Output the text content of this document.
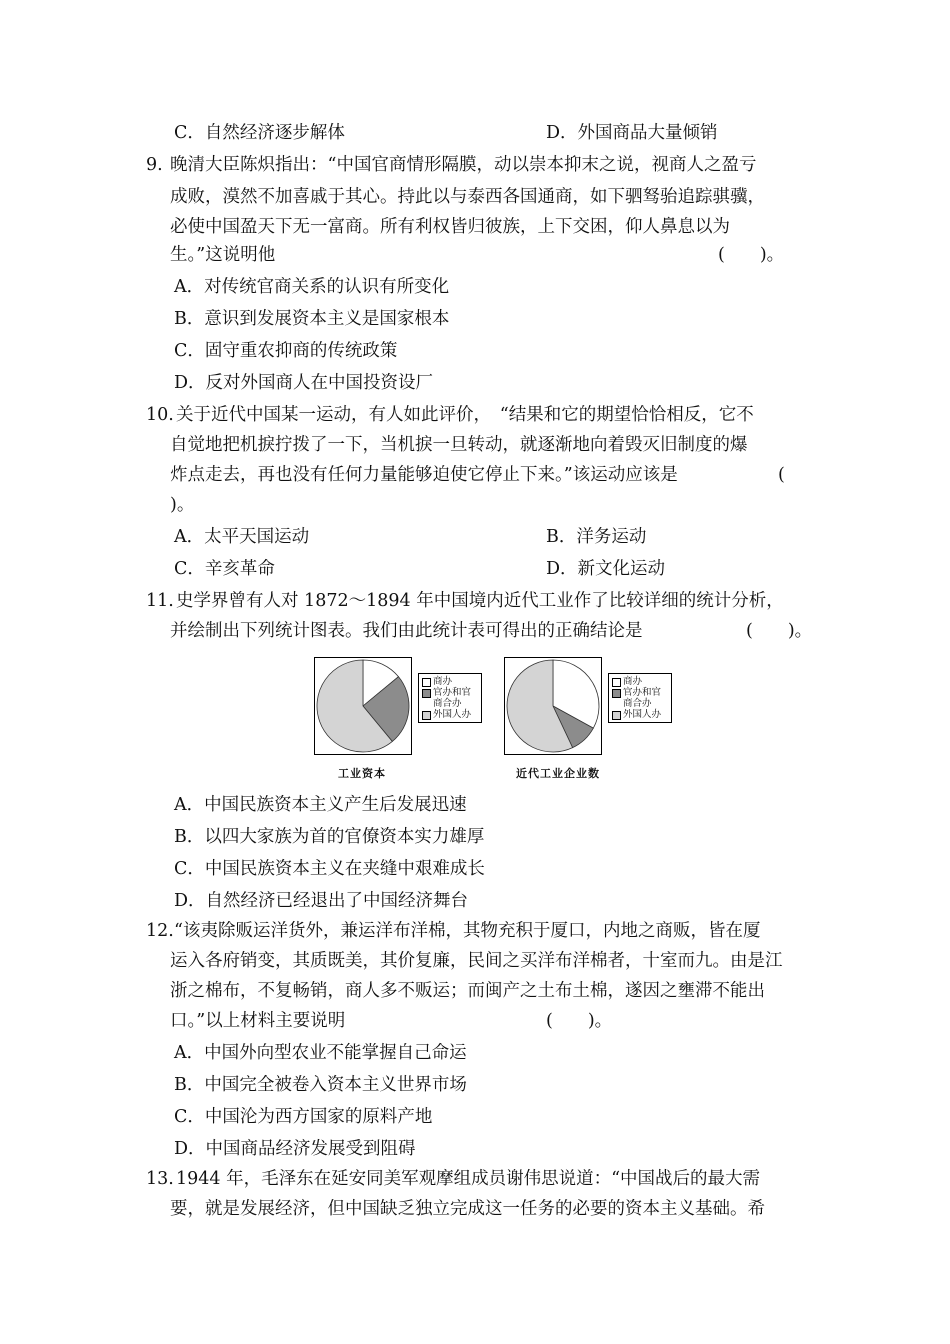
C．自然经济逐步解体	D．外国商品大量倾销
9. 晚清大臣陈炽指出：“中国官商情形隔膜，动以崇本抑末之说，视商人之盈亏
成败，漠然不加喜戚于其心。持此以与泰西各国通商，如下驷驽骀追踪骐骥，
必使中国盈天下无一富商。所有利权皆归彼族，上下交困，仰人鼻息以为
生。”这说明他	(　　)。
A．对传统官商关系的认识有所变化
B．意识到发展资本主义是国家根本
C．固守重农抑商的传统政策
D．反对外国商人在中国投资设厂
10. 关于近代中国某一运动，有人如此评价，　“结果和它的期望恰恰相反，它不
自觉地把机捩拧拨了一下，当机捩一旦转动，就逐渐地向着毁灭旧制度的爆
炸点走去，再也没有任何力量能够迫使它停止下来。”该运动应该是	(
)。
A．太平天国运动	B．洋务运动
C．辛亥革命	D．新文化运动
11. 史学界曾有人对 1872～1894 年中国境内近代工业作了比较详细的统计分析，
并绘制出下列统计图表。我们由此统计表可得出的正确结论是	(　　)。
商办
官办和官商合办
外国人办
工业资本
商办
官办和官商合办
外国人办
近代工业企业数
A．中国民族资本主义产生后发展迅速
B．以四大家族为首的官僚资本实力雄厚
C．中国民族资本主义在夹缝中艰难成长
D．自然经济已经退出了中国经济舞台
12. “该夷除贩运洋货外，兼运洋布洋棉，其物充积于厦口，内地之商贩，皆在厦
运入各府销变，其质既美，其价复廉，民间之买洋布洋棉者，十室而九。由是江
浙之棉布，不复畅销，商人多不贩运；而闽产之土布土棉，遂因之壅滞不能出
口。”以上材料主要说明	(　　)。
A．中国外向型农业不能掌握自己命运
B．中国完全被卷入资本主义世界市场
C．中国沦为西方国家的原料产地
D．中国商品经济发展受到阻碍
13. 1944 年，毛泽东在延安同美军观摩组成员谢伟思说道：“中国战后的最大需
要，就是发展经济，但中国缺乏独立完成这一任务的必要的资本主义基础。希
